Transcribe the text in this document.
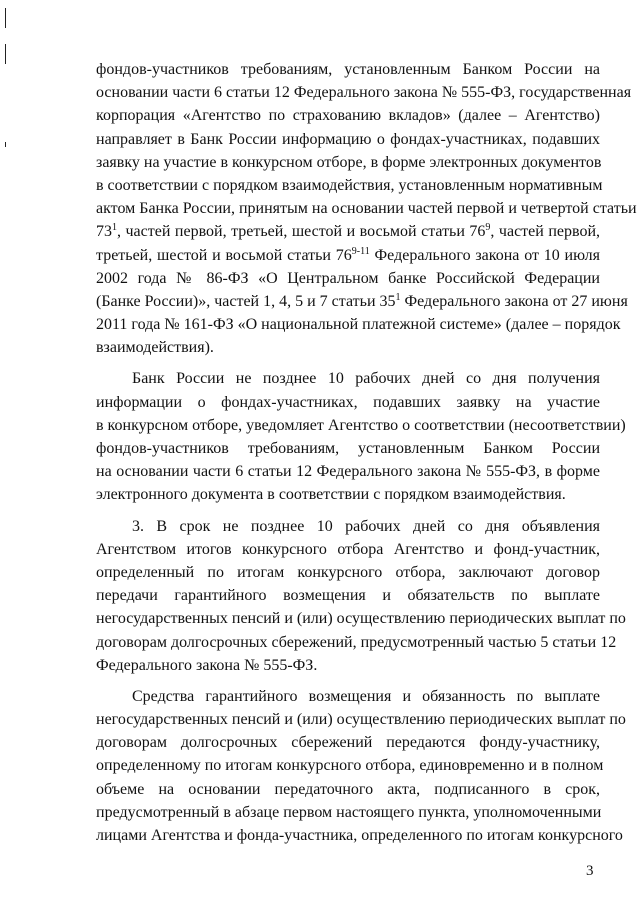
фондов-участников требованиям, установленным Банком России на
основании части 6 статьи 12 Федерального закона № 555-ФЗ, государственная
корпорация «Агентство по страхованию вкладов» (далее – Агентство)
направляет в Банк России информацию о фондах-участниках, подавших
заявку на участие в конкурсном отборе, в форме электронных документов
в соответствии с порядком взаимодействия, установленным нормативным
актом Банка России, принятым на основании частей первой и четвертой статьи
$73^1$, частей первой, третьей, шестой и восьмой статьи $76^9$, частей первой,
третьей, шестой и восьмой статьи 76$^{9-11}$ Федерального закона от 10 июля
2002 года № 86-ФЗ «О Центральном банке Российской Федерации
(Банке России)», частей 1, 4, 5 и 7 статьи $35^1$ Федерального закона от 27 июня
2011 года № 161-ФЗ «О национальной платежной системе» (далее – порядок
взаимодействия).
Банк России не позднее 10 рабочих дней со дня получения
информации о фондах-участниках, подавших заявку на участие
в конкурсном отборе, уведомляет Агентство о соответствии (несоответствии)
фондов-участников требованиям, установленным Банком России
на основании части 6 статьи 12 Федерального закона № 555-ФЗ, в форме
электронного документа в соответствии с порядком взаимодействия.
3. В срок не позднее 10 рабочих дней со дня объявления
Агентством итогов конкурсного отбора Агентство и фонд-участник,
определенный по итогам конкурсного отбора, заключают договор
передачи гарантийного возмещения и обязательств по выплате
негосударственных пенсий и (или) осуществлению периодических выплат по
договорам долгосрочных сбережений, предусмотренный частью 5 статьи 12
Федерального закона № 555-ФЗ.
Средства гарантийного возмещения и обязанность по выплате
негосударственных пенсий и (или) осуществлению периодических выплат по
договорам долгосрочных сбережений передаются фонду-участнику,
определенному по итогам конкурсного отбора, единовременно и в полном
объеме на основании передаточного акта, подписанного в срок,
предусмотренный в абзаце первом настоящего пункта, уполномоченными
лицами Агентства и фонда-участника, определенного по итогам конкурсного
3
